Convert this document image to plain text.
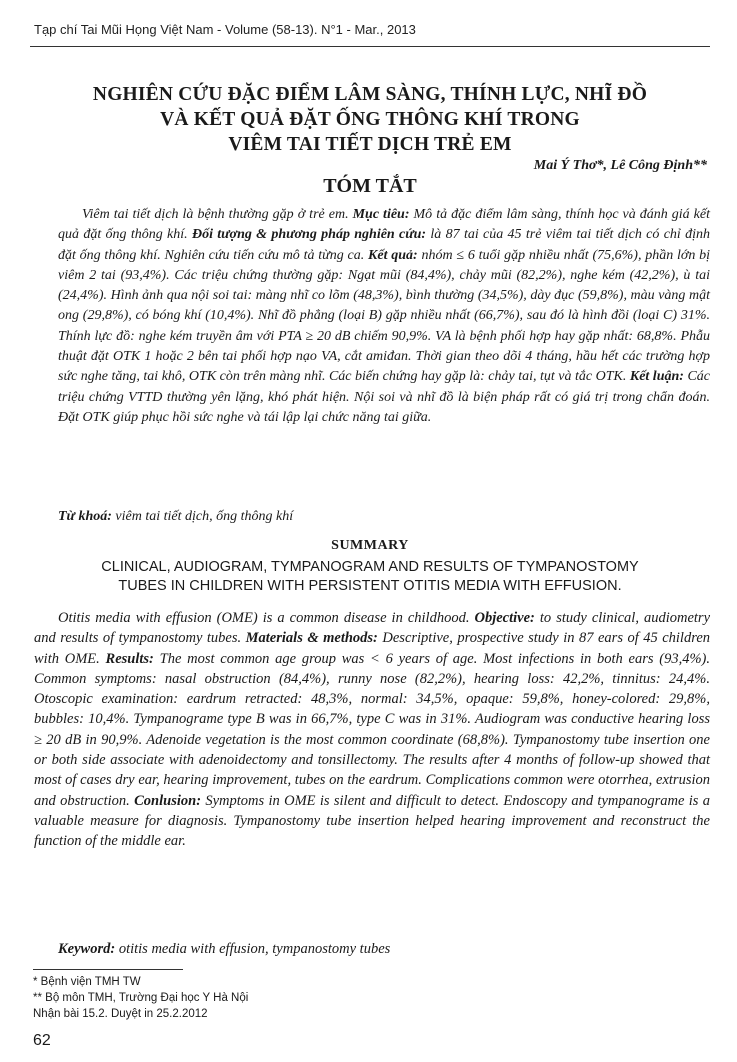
Tạp chí Tai Mũi Họng Việt Nam - Volume (58-13). N°1 - Mar., 2013
NGHIÊN CỨU ĐẶC ĐIỂM LÂM SÀNG, THÍNH LỰC, NHĨ ĐỒ
VÀ KẾT QUẢ ĐẶT ỐNG THÔNG KHÍ TRONG
VIÊM TAI TIẾT DỊCH TRẺ EM
Mai Ý Thơ*, Lê Công Định**
TÓM TẮT
Viêm tai tiết dịch là bệnh thường gặp ở trẻ em. Mục tiêu: Mô tả đặc điểm lâm sàng, thính học và đánh giá kết quả đặt ống thông khí. Đối tượng & phương pháp nghiên cứu: là 87 tai của 45 trẻ viêm tai tiết dịch có chỉ định đặt ống thông khí. Nghiên cứu tiến cứu mô tả từng ca. Kết quả: nhóm ≤ 6 tuổi gặp nhiều nhất (75,6%), phần lớn bị viêm 2 tai (93,4%). Các triệu chứng thường gặp: Ngạt mũi (84,4%), chảy mũi (82,2%), nghe kém (42,2%), ù tai (24,4%). Hình ảnh qua nội soi tai: màng nhĩ co lõm (48,3%), bình thường (34,5%), dày đục (59,8%), màu vàng mật ong (29,8%), có bóng khí (10,4%). Nhĩ đồ phẳng (loại B) gặp nhiều nhất (66,7%), sau đó là hình đồi (loại C) 31%. Thính lực đồ: nghe kém truyền âm với PTA ≥ 20 dB chiếm 90,9%. VA là bệnh phối hợp hay gặp nhất: 68,8%. Phẫu thuật đặt OTK 1 hoặc 2 bên tai phối hợp nạo VA, cắt amiđan. Thời gian theo dõi 4 tháng, hầu hết các trường hợp sức nghe tăng, tai khô, OTK còn trên màng nhĩ. Các biến chứng hay gặp là: chảy tai, tụt và tắc OTK. Kết luận: Các triệu chứng VTTD thường yên lặng, khó phát hiện. Nội soi và nhĩ đồ là biện pháp rất có giá trị trong chẩn đoán. Đặt OTK giúp phục hồi sức nghe và tái lập lại chức năng tai giữa.
Từ khoá: viêm tai tiết dịch, ống thông khí
SUMMARY
CLINICAL, AUDIOGRAM, TYMPANOGRAM AND RESULTS OF TYMPANOSTOMY
TUBES IN CHILDREN WITH PERSISTENT OTITIS MEDIA WITH EFFUSION.
Otitis media with effusion (OME) is a common disease in childhood. Objective: to study clinical, audiometry and results of tympanostomy tubes. Materials & methods: Descriptive, prospective study in 87 ears of 45 children with OME. Results: The most common age group was < 6 years of age. Most infections in both ears (93,4%). Common symptoms: nasal obstruction (84,4%), runny nose (82,2%), hearing loss: 42,2%, tinnitus: 24,4%. Otoscopic examination: eardrum retracted: 48,3%, normal: 34,5%, opaque: 59,8%, honey-colored: 29,8%, bubbles: 10,4%. Tympanograme type B was in 66,7%, type C was in 31%. Audiogram was conductive hearing loss ≥ 20 dB in 90,9%. Adenoide vegetation is the most common coordinate (68,8%). Tympanostomy tube insertion one or both side associate with adenoidectomy and tonsillectomy. The results after 4 months of follow-up showed that most of cases dry ear, hearing improvement, tubes on the eardrum. Complications common were otorrhea, extrusion and obstruction. Conlusion: Symptoms in OME is silent and difficult to detect. Endoscopy and tympanograme is a valuable measure for diagnosis. Tympanostomy tube insertion helped hearing improvement and reconstruct the function of the middle ear.
Keyword: otitis media with effusion, tympanostomy tubes
* Bệnh viện TMH TW
** Bộ môn TMH, Trường Đại học Y Hà Nội
Nhận bài 15.2. Duyệt in 25.2.2012
62
